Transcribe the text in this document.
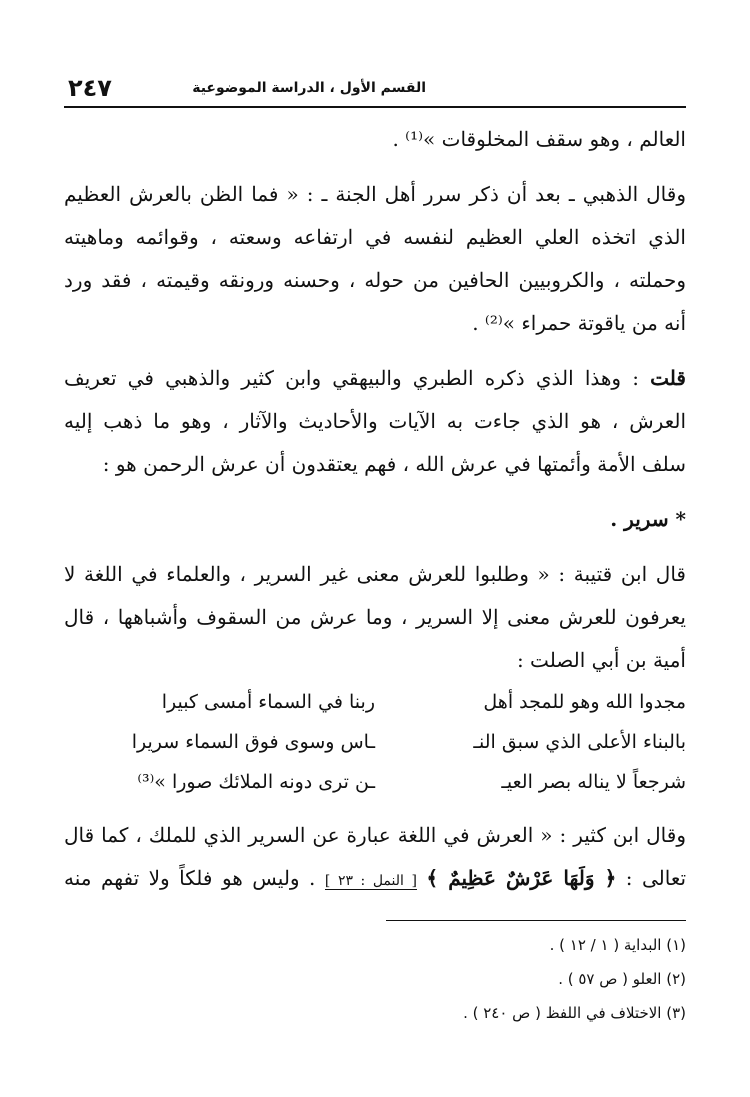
القسم الأول ، الدراسة الموضوعية
٢٤٧
العالم ، وهو سقف المخلوقات »⁽¹⁾ .
وقال الذهبي ـ بعد أن ذكر سرر أهل الجنة ـ : « فما الظن بالعرش العظيم
الذي اتخذه العلي العظيم لنفسه في ارتفاعه وسعته ، وقوائمه وماهيته
وحملته ، والكروبيين الحافين من حوله ، وحسنه ورونقه وقيمته ، فقد ورد
أنه من ياقوتة حمراء »⁽²⁾ .
قلت : وهذا الذي ذكره الطبري والبيهقي وابن كثير والذهبي في تعريف
العرش ، هو الذي جاءت به الآيات والأحاديث والآثار ، وهو ما ذهب إليه
سلف الأمة وأئمتها في عرش الله ، فهم يعتقدون أن عرش الرحمن هو :
* سرير .
قال ابن قتيبة : « وطلبوا للعرش معنى غير السرير ، والعلماء في اللغة لا
يعرفون للعرش معنى إلا السرير ، وما عرش من السقوف وأشباهها ، قال
أمية بن أبي الصلت :
مجدوا الله وهو للمجد أهلربنا في السماء أمسى كبيرا
بالبناء الأعلى الذي سبق النــاس وسوى فوق السماء سريرا
شرجعاً لا يناله بصر العيــن ترى دونه الملائك صورا »⁽³⁾
وقال ابن كثير : « العرش في اللغة عبارة عن السرير الذي للملك ، كما قال
تعالى : ﴿ وَلَهَا عَرْشٌ عَظِيمٌ ﴾ [ النمل : ٢٣ ] . وليس هو فلكاً ولا تفهم منه
(١) البداية ( ١ / ١٢ ) .
(٢) العلو ( ص ٥٧ ) .
(٣) الاختلاف في اللفظ ( ص ٢٤٠ ) .
